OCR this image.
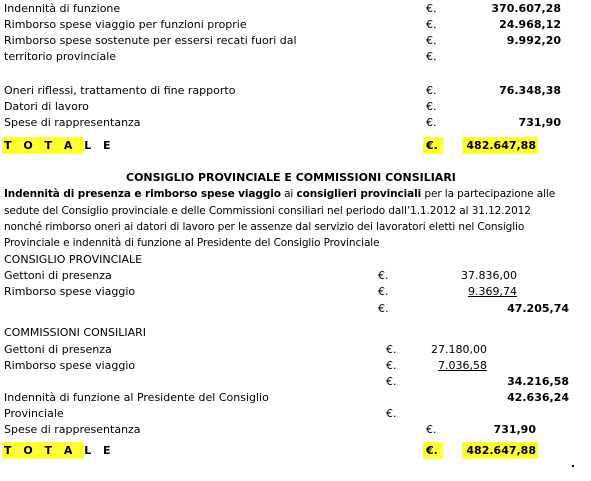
Indennità di funzione	€.	370.607,28
Rimborso spese viaggio per funzioni proprie	€.	24.968,12
Rimborso spese sostenute per essersi recati fuori dal	€.	9.992,20
territorio provinciale	€.
Oneri riflessi, trattamento di fine rapporto	€.	76.348,38
Datori di lavoro	€.
Spese di rappresentanza	€.	731,90
T O T A L E	€.	482.647,88
CONSIGLIO PROVINCIALE E COMMISSIONI CONSILIARI
Indennità di presenza e rimborso spese viaggio ai consiglieri provinciali per la partecipazione alle
sedute del Consiglio provinciale e delle Commissioni consiliari nel periodo dall’1.1.2012 al 31.12.2012
nonché rimborso oneri ai datori di lavoro per le assenze dal servizio dei lavoratori eletti nel Consiglio
Provinciale e indennità di funzione al Presidente del Consiglio Provinciale
CONSIGLIO PROVINCIALE
Gettoni di presenza	€.	37.836,00
Rimborso spese viaggio	€.	9.369,74
€.	47.205,74
COMMISSIONI CONSILIARI
Gettoni di presenza	€.	27.180,00
Rimborso spese viaggio	€.	7.036,58
€.	34.216,58
Indennità di funzione al Presidente del Consiglio	42.636,24
Provinciale	€.
Spese di rappresentanza	€.	731,90
T O T A L E	€.	482.647,88
